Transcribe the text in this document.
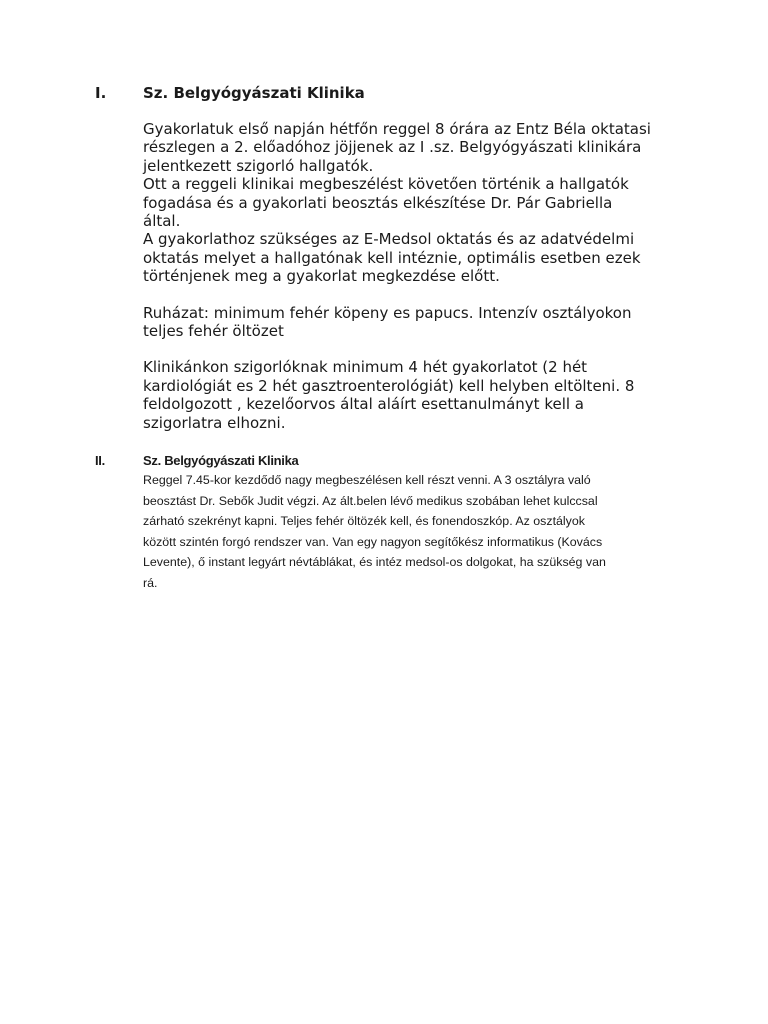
I.	Sz. Belgyógyászati Klinika

Gyakorlatuk első napján hétfőn reggel 8 órára az Entz Béla oktatasi

részlegen a 2. előadóhoz jöjjenek az I .sz. Belgyógyászati klinikára

jelentkezett szigorló hallgatók.

Ott a reggeli klinikai megbeszélést követően történik a hallgatók

fogadása és a gyakorlati beosztás elkészítése Dr. Pár Gabriella

által.

A gyakorlathoz szükséges az E-Medsol oktatás és az adatvédelmi

oktatás melyet a hallgatónak kell intéznie, optimális esetben ezek

történjenek meg a gyakorlat megkezdése előtt.

Ruházat: minimum fehér köpeny es papucs. Intenzív osztályokon

teljes fehér öltözet

Klinikánkon szigorlóknak minimum 4 hét gyakorlatot (2 hét

kardiológiát es 2 hét gasztroenterológiát) kell helyben eltölteni. 8

feldolgozott , kezelőorvos által aláírt esettanulmányt kell a

szigorlatra elhozni.

II.	Sz. Belgyógyászati Klinika

Reggel 7.45-kor kezdődő nagy megbeszélésen kell részt venni. A 3 osztályra való

beosztást Dr. Sebők Judit végzi. Az ált.belen lévő medikus szobában lehet kulccsal

zárható szekrényt kapni. Teljes fehér öltözék kell, és fonendoszkóp. Az osztályok

között szintén forgó rendszer van. Van egy nagyon segítőkész informatikus (Kovács

Levente), ő instant legyárt névtáblákat, és intéz medsol-os dolgokat, ha szükség van

rá.
